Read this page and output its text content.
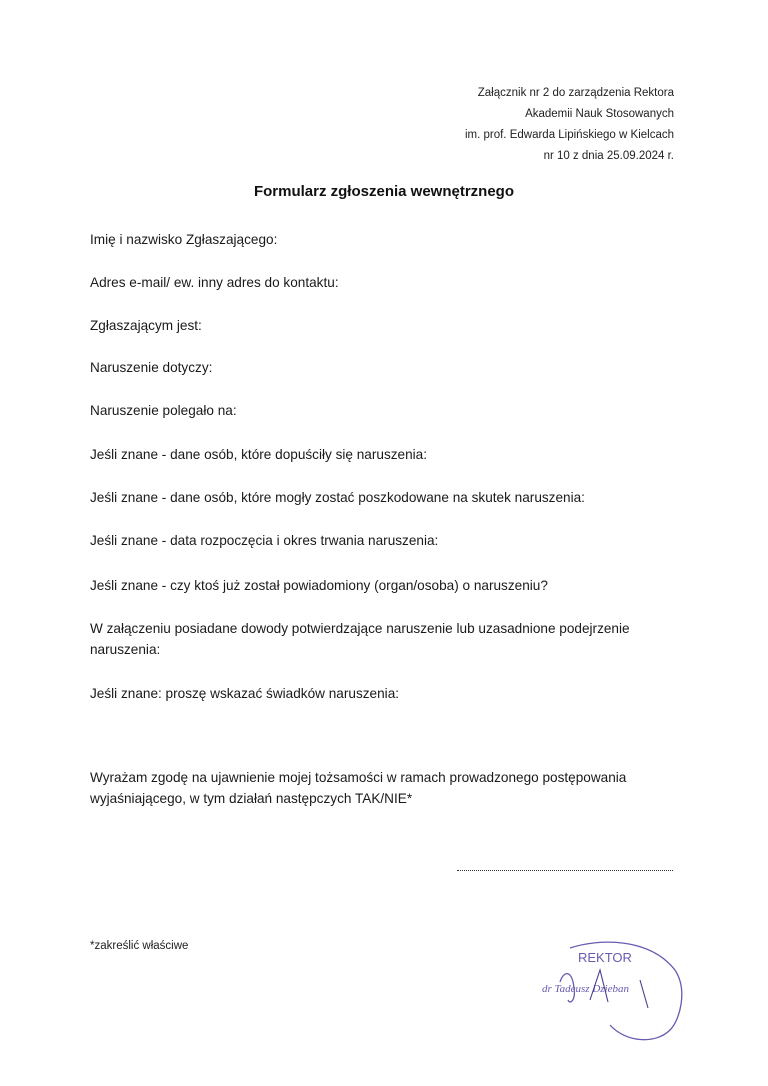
Załącznik nr 2 do zarządzenia Rektora
Akademii Nauk Stosowanych
im. prof. Edwarda Lipińskiego w Kielcach
nr 10 z dnia 25.09.2024 r.
Formularz zgłoszenia wewnętrznego
Imię i nazwisko Zgłaszającego:
Adres e-mail/ ew. inny adres do kontaktu:
Zgłaszającym jest:
Naruszenie dotyczy:
Naruszenie polegało na:
Jeśli znane - dane osób, które dopuściły się naruszenia:
Jeśli znane - dane osób, które mogły zostać poszkodowane na skutek naruszenia:
Jeśli znane - data rozpoczęcia i okres trwania naruszenia:
Jeśli znane - czy ktoś już został powiadomiony (organ/osoba) o naruszeniu?
W załączeniu posiadane dowody potwierdzające naruszenie lub uzasadnione podejrzenie naruszenia:
Jeśli znane: proszę wskazać świadków naruszenia:
Wyrażam zgodę na ujawnienie mojej tożsamości w ramach prowadzonego postępowania wyjaśniającego, w tym działań następczych TAK/NIE*
*zakreślić właściwe
REKTOR
dr Tadeusz Dzieban
